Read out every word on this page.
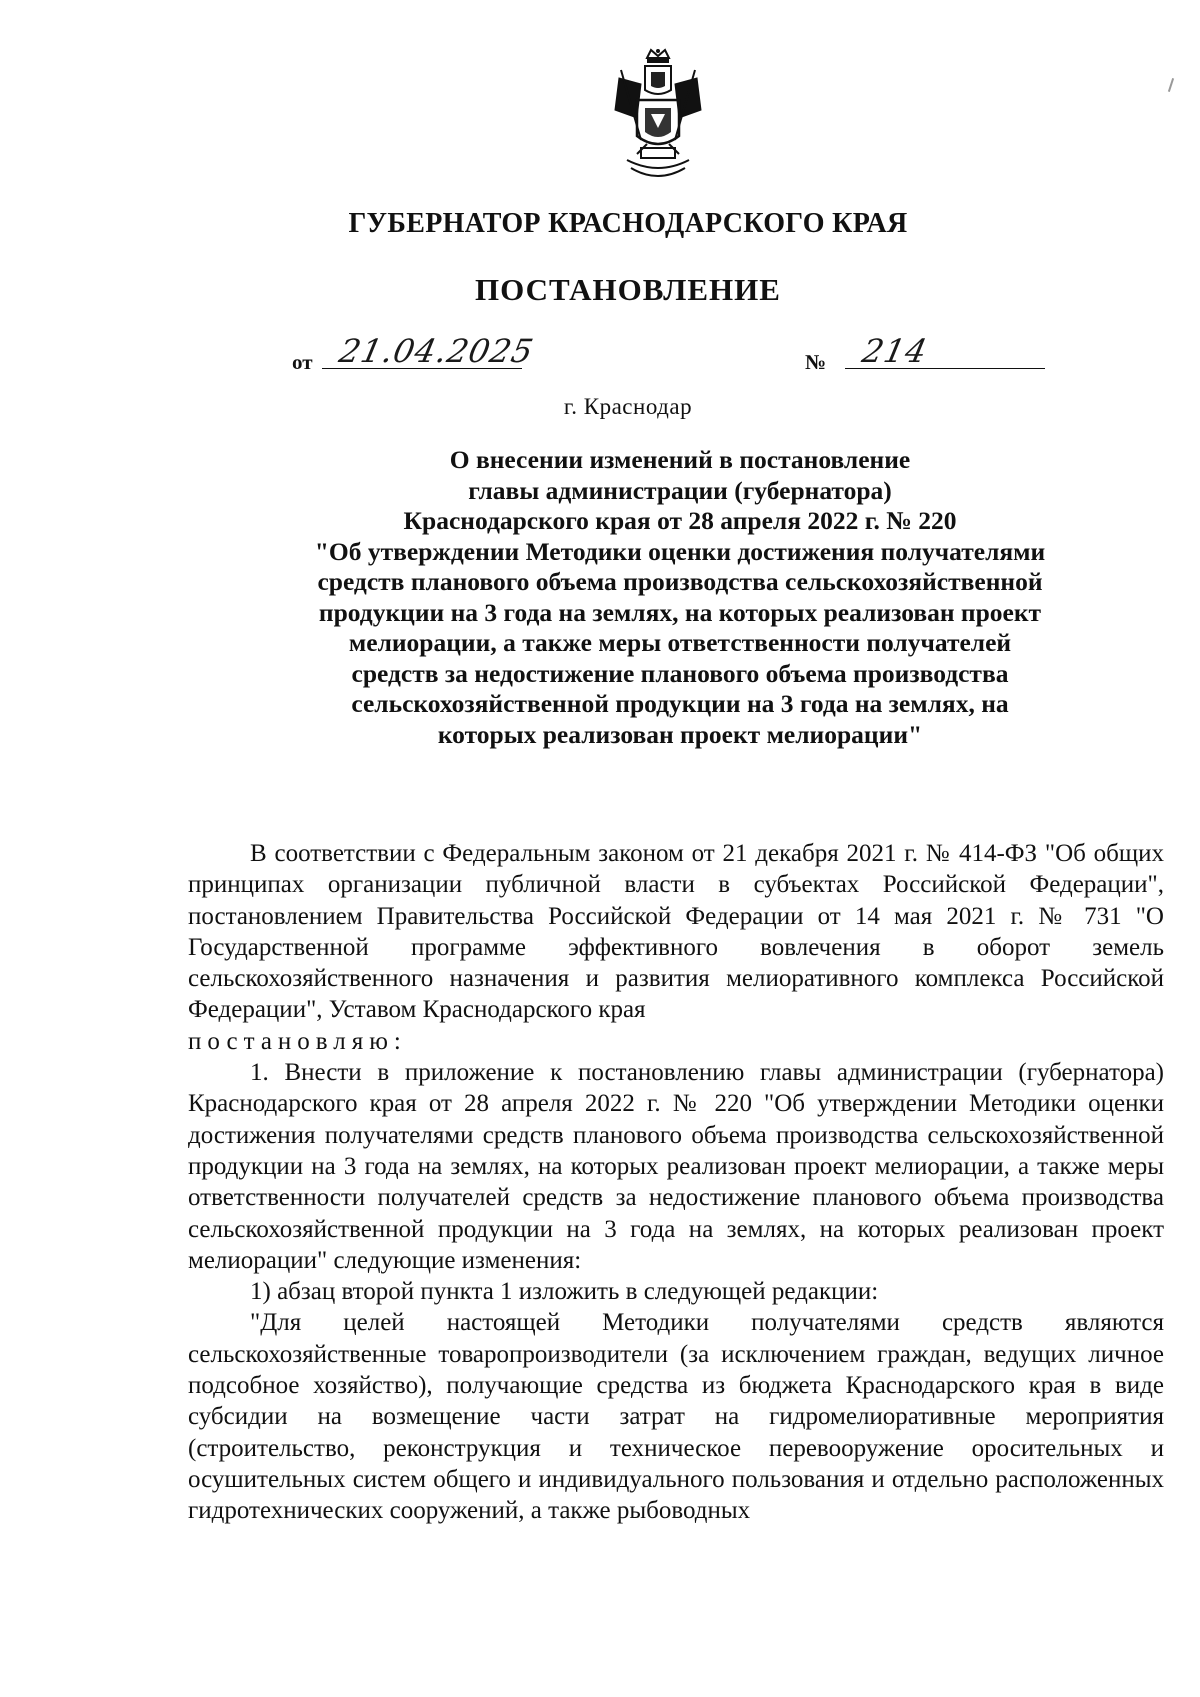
ГУБЕРНАТОР КРАСНОДАРСКОГО КРАЯ
ПОСТАНОВЛЕНИЕ
от 21.04.2025	№ 214
г. Краснодар
О внесении изменений в постановление
главы администрации (губернатора)
Краснодарского края от 28 апреля 2022 г. № 220
"Об утверждении Методики оценки достижения получателями
средств планового объема производства сельскохозяйственной
продукции на 3 года на землях, на которых реализован проект
мелиорации, а также меры ответственности получателей
средств за недостижение планового объема производства
сельскохозяйственной продукции на 3 года на землях, на
которых реализован проект мелиорации"

В соответствии с Федеральным законом от 21 декабря 2021 г. № 414-ФЗ "Об общих принципах организации публичной власти в субъектах Российской Федерации", постановлением Правительства Российской Федерации от 14 мая 2021 г. № 731 "О Государственной программе эффективного вовлечения в оборот земель сельскохозяйственного назначения и развития мелиоративного комплекса Российской Федерации", Уставом Краснодарского края

постановляю:

1. Внести в приложение к постановлению главы администрации (губернатора) Краснодарского края от 28 апреля 2022 г. № 220 "Об утверждении Методики оценки достижения получателями средств планового объема производства сельскохозяйственной продукции на 3 года на землях, на которых реализован проект мелиорации, а также меры ответственности получателей средств за недостижение планового объема производства сельскохозяйственной продукции на 3 года на землях, на которых реализован проект мелиорации" следующие изменения:

1) абзац второй пункта 1 изложить в следующей редакции:

"Для целей настоящей Методики получателями средств являются сельскохозяйственные товаропроизводители (за исключением граждан, ведущих личное подсобное хозяйство), получающие средства из бюджета Краснодарского края в виде субсидии на возмещение части затрат на гидромелиоративные мероприятия (строительство, реконструкция и техническое перевооружение оросительных и осушительных систем общего и индивидуального пользования и отдельно расположенных гидротехнических сооружений, а также рыбоводных
